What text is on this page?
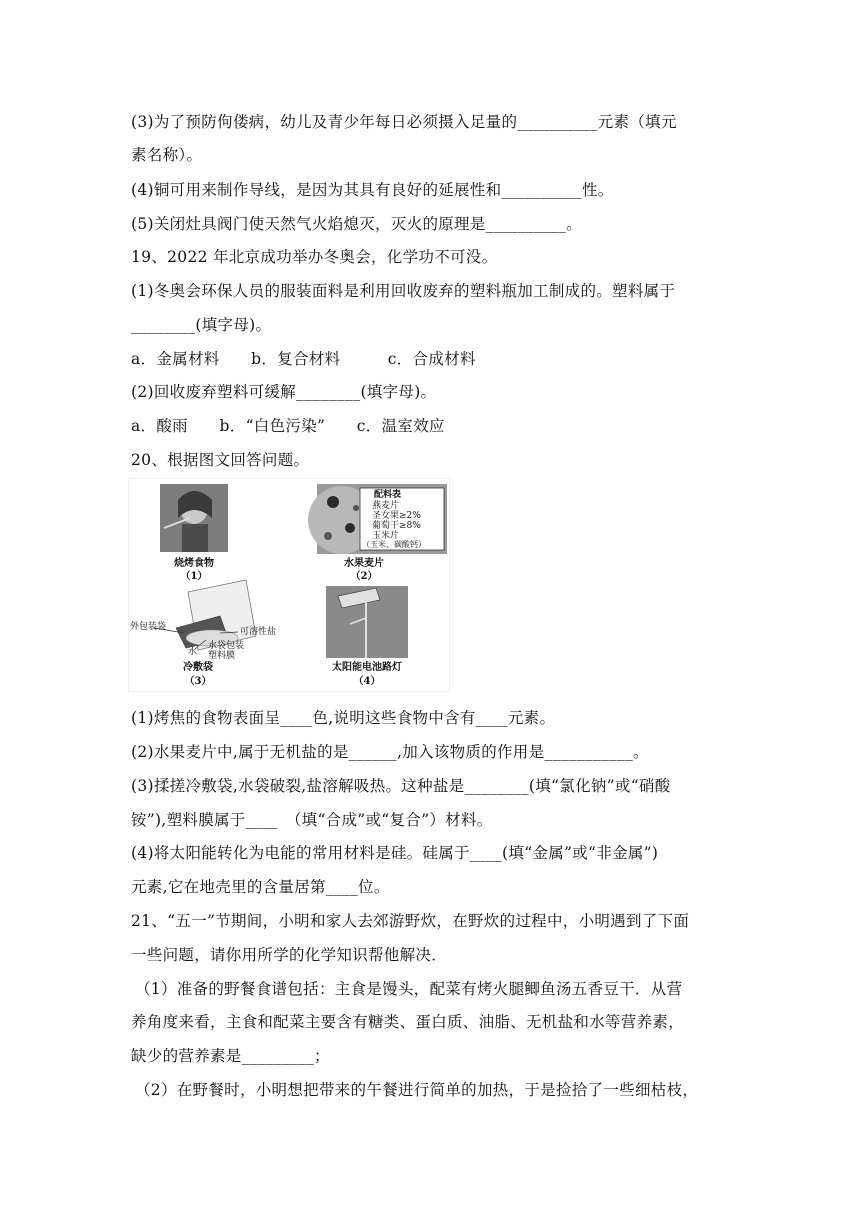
(3)为了预防佝偻病，幼儿及青少年每日必须摄入足量的__________元素（填元
素名称）。
(4)铜可用来制作导线，是因为其具有良好的延展性和__________性。
(5)关闭灶具阀门使天然气火焰熄灭，灭火的原理是__________。
19、2022 年北京成功举办冬奥会，化学功不可没。
(1)冬奥会环保人员的服装面料是利用回收废弃的塑料瓶加工制成的。塑料属于
________(填字母)。
a．金属材料　　b．复合材料　　　c．合成材料
(2)回收废弃塑料可缓解________(填字母)。
a．酸雨　　b．“白色污染”　　c．温室效应
20、根据图文回答问题。
烧烤食物
（1）
水果麦片
（2）
配料表
燕麦片
圣女果≥2%
葡萄干≥8%
玉米片
（玉米、碳酸钙）
外包装袋	可溶性盐
水袋包装
塑料膜
水
冷敷袋
（3）
太阳能电池路灯
（4）
(1)烤焦的食物表面呈____色,说明这些食物中含有____元素。
(2)水果麦片中,属于无机盐的是______,加入该物质的作用是___________。
(3)揉搓冷敷袋,水袋破裂,盐溶解吸热。这种盐是________(填“氯化钠”或“硝酸
铵”),塑料膜属于____　（填“合成”或“复合”）材料。
(4)将太阳能转化为电能的常用材料是硅。硅属于____(填“金属”或“非金属”)
元素,它在地壳里的含量居第____位。
21、“五一”节期间，小明和家人去郊游野炊，在野炊的过程中，小明遇到了下面
一些问题，请你用所学的化学知识帮他解决．
（1）准备的野餐食谱包括：主食是馒头，配菜有烤火腿鲫鱼汤五香豆干．从营
养角度来看，主食和配菜主要含有糖类、蛋白质、油脂、无机盐和水等营养素，
缺少的营养素是_________；
（2）在野餐时，小明想把带来的午餐进行简单的加热，于是捡拾了一些细枯枝，
